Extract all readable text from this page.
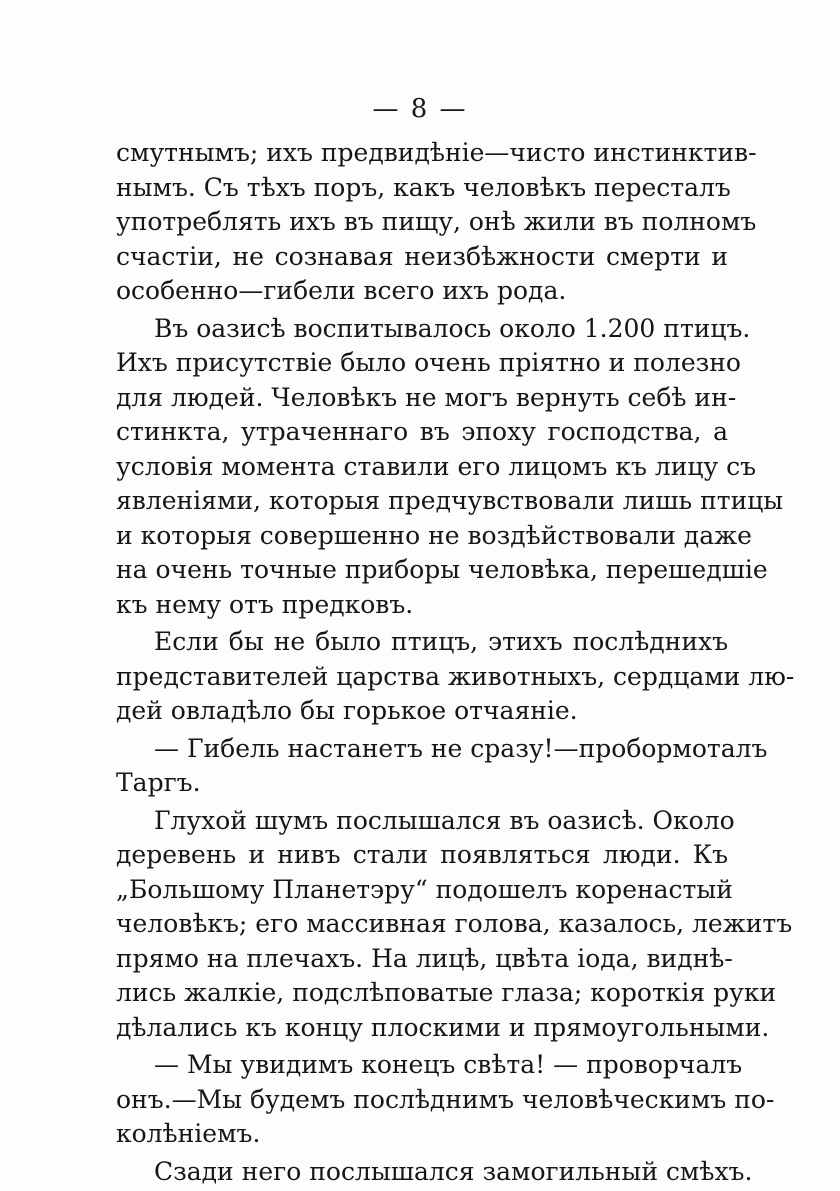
— 8 —
смутнымъ; ихъ предвидѣніе—чисто инстинктив-
нымъ. Съ тѣхъ поръ, какъ человѣкъ пересталъ
употреблять ихъ въ пищу, онѣ жили въ полномъ
счастіи, не сознавая неизбѣжности смерти и
особенно—гибели всего ихъ рода.
Въ оазисѣ воспитывалось около 1.200 птицъ.
Ихъ присутствіе было очень пріятно и полезно
для людей. Человѣкъ не могъ вернуть себѣ ин-
стинкта, утраченнаго въ эпоху господства, а
условія момента ставили его лицомъ къ лицу съ
явленіями, которыя предчувствовали лишь птицы
и которыя совершенно не воздѣйствовали даже
на очень точные приборы человѣка, перешедшіе
къ нему отъ предковъ.
Если бы не было птицъ, этихъ послѣднихъ
представителей царства животныхъ, сердцами лю-
дей овладѣло бы горькое отчаяніе.
— Гибель настанетъ не сразу!—пробормоталъ
Таргъ.
Глухой шумъ послышался въ оазисѣ. Около
деревень и нивъ стали появляться люди. Къ
„Большому Планетэру“ подошелъ коренастый
человѣкъ; его массивная голова, казалось, лежитъ
прямо на плечахъ. На лицѣ, цвѣта іода, виднѣ-
лись жалкіе, подслѣповатые глаза; короткія руки
дѣлались къ концу плоскими и прямоугольными.
— Мы увидимъ конецъ свѣта! — проворчалъ
онъ.—Мы будемъ послѣднимъ человѣческимъ по-
колѣніемъ.
Сзади него послышался замогильный смѣхъ.
